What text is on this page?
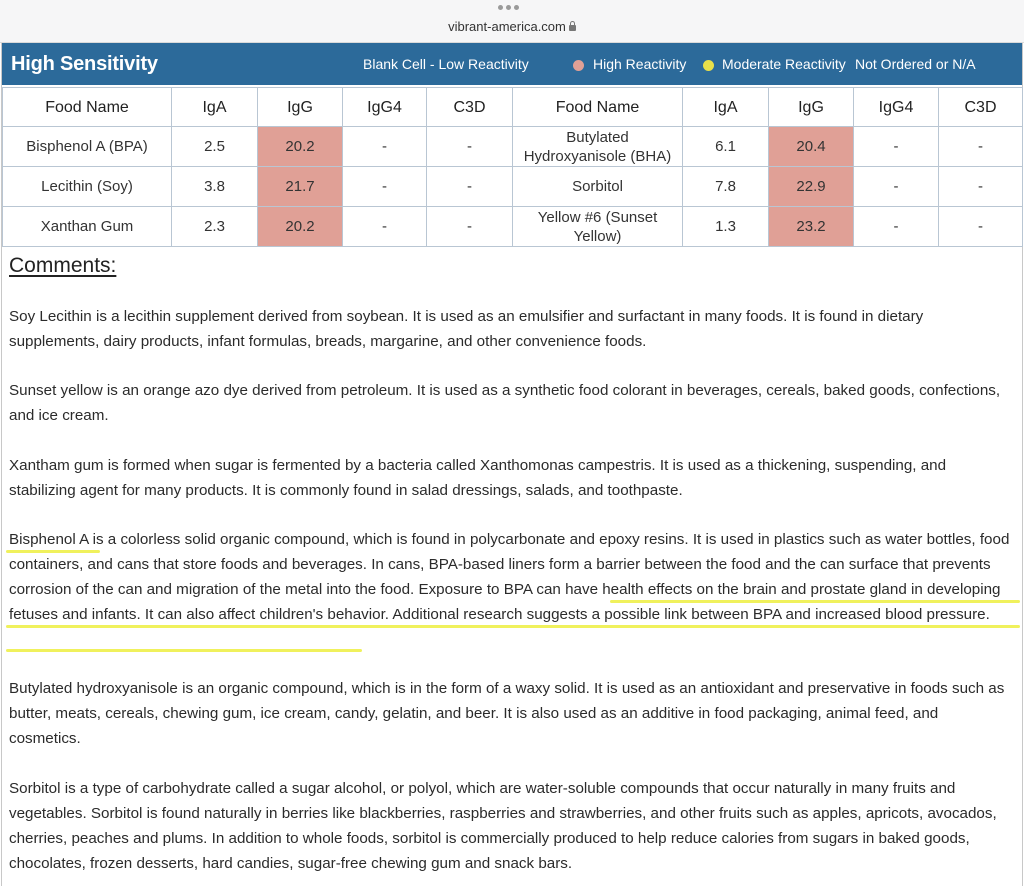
vibrant-america.com
High Sensitivity	Blank Cell - Low Reactivity	High Reactivity	Moderate Reactivity Not Ordered or N/A
Food Name	IgA	IgG	IgG4	C3D	Food Name	IgA	IgG	IgG4	C3D
Bisphenol A (BPA)	2.5	20.2	-	-	Butylated Hydroxyanisole (BHA)	6.1	20.4	-	-
Lecithin (Soy)	3.8	21.7	-	-	Sorbitol	7.8	22.9	-	-
Xanthan Gum	2.3	20.2	-	-	Yellow #6 (Sunset Yellow)	1.3	23.2	-	-
Comments:
Soy Lecithin is a lecithin supplement derived from soybean. It is used as an emulsifier and surfactant in many foods. It is found in dietary supplements, dairy products, infant formulas, breads, margarine, and other convenience foods.
Sunset yellow is an orange azo dye derived from petroleum. It is used as a synthetic food colorant in beverages, cereals, baked goods, confections, and ice cream.
Xantham gum is formed when sugar is fermented by a bacteria called Xanthomonas campestris. It is used as a thickening, suspending, and stabilizing agent for many products. It is commonly found in salad dressings, salads, and toothpaste.
Bisphenol A is a colorless solid organic compound, which is found in polycarbonate and epoxy resins. It is used in plastics such as water bottles, food containers, and cans that store foods and beverages. In cans, BPA-based liners form a barrier between the food and the can surface that prevents corrosion of the can and migration of the metal into the food. Exposure to BPA can have health effects on the brain and prostate gland in developing fetuses and infants. It can also affect children's behavior. Additional research suggests a possible link between BPA and increased blood pressure.
Butylated hydroxyanisole is an organic compound, which is in the form of a waxy solid. It is used as an antioxidant and preservative in foods such as butter, meats, cereals, chewing gum, ice cream, candy, gelatin, and beer. It is also used as an additive in food packaging, animal feed, and cosmetics.
Sorbitol is a type of carbohydrate called a sugar alcohol, or polyol, which are water-soluble compounds that occur naturally in many fruits and vegetables. Sorbitol is found naturally in berries like blackberries, raspberries and strawberries, and other fruits such as apples, apricots, avocados, cherries, peaches and plums. In addition to whole foods, sorbitol is commercially produced to help reduce calories from sugars in baked goods, chocolates, frozen desserts, hard candies, sugar-free chewing gum and snack bars.
